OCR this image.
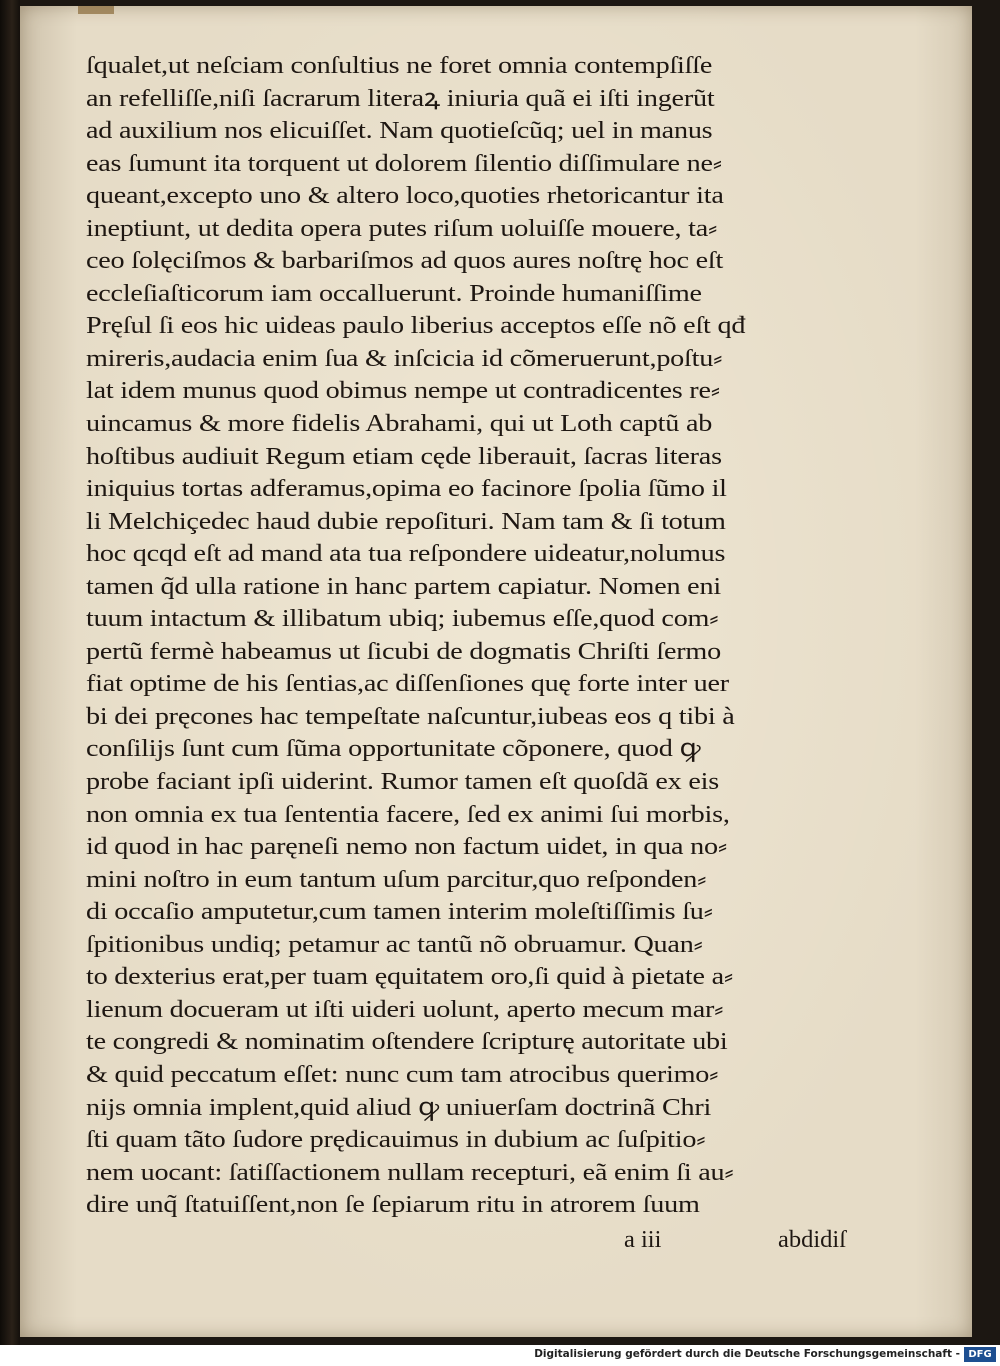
ſqualet,ut neſciam conſultius ne foret omnia contempſiſſe
an refelliſſe,niſi ſacrarum literaꝝ iniuria quã ei iſti ingerũt
ad auxilium nos elicuiſſet. Nam quotieſcũq; uel in manus
eas ſumunt ita torquent ut dolorem ſilentio diſſimulare ne⸗
queant,excepto uno & altero loco,quoties rhetoricantur ita
ineptiunt, ut dedita opera putes riſum uoluiſſe mouere, ta⸗
ceo ſolęciſmos & barbariſmos ad quos aures noſtrę hoc eſt
eccleſiaſticorum iam occalluerunt. Proinde humaniſſime
Pręſul ſi eos hic uideas paulo liberius acceptos eſſe nõ eſt qđ
mireris,audacia enim ſua & inſcicia id cõmeruerunt,poſtu⸗
lat idem munus quod obimus nempe ut contradicentes re⸗
uincamus & more fidelis Abrahami, qui ut Loth captũ ab
hoſtibus audiuit Regum etiam cęde liberauit, ſacras literas
iniquius tortas adferamus,opima eo facinore ſpolia ſũmo il
li Melchiçedec haud dubie repoſituri. Nam tam & ſi totum
hoc qcqd eſt ad mand ata tua reſpondere uideatur,nolumus
tamen q̃d ulla ratione in hanc partem capiatur. Nomen eni
tuum intactum & illibatum ubiq; iubemus eſſe,quod com⸗
pertũ fermè habeamus ut ſicubi de dogmatis Chriſti ſermo
fiat optime de his ſentias,ac diſſenſiones quę forte inter uer
bi dei pręcones hac tempeſtate naſcuntur,iubeas eos q tibi à
conſilijs ſunt cum ſũma opportunitate cõponere, quod ꝙ
probe faciant ipſi uiderint. Rumor tamen eſt quoſdã ex eis
non omnia ex tua ſententia facere, ſed ex animi ſui morbis,
id quod in hac paręneſi nemo non factum uidet, in qua no⸗
mini noſtro in eum tantum uſum parcitur,quo reſponden⸗
di occaſio amputetur,cum tamen interim moleſtiſſimis ſu⸗
ſpitionibus undiq; petamur ac tantũ nõ obruamur. Quan⸗
to dexterius erat,per tuam ęquitatem oro,ſi quid à pietate a⸗
lienum docueram ut iſti uideri uolunt, aperto mecum mar⸗
te congredi & nominatim oſtendere ſcripturę autoritate ubi
& quid peccatum eſſet: nunc cum tam atrocibus querimo⸗
nijs omnia implent,quid aliud ꝙ uniuerſam doctrinã Chri
ſti quam tãto ſudore prędicauimus in dubium ac ſuſpitio⸗
nem uocant: ſatiſſactionem nullam recepturi, eã enim ſi au⸗
dire unq̃ ſtatuiſſent,non ſe ſepiarum ritu in atrorem ſuum
a iii	abdidiſ
Digitalisierung gefördert durch die Deutsche Forschungsgemeinschaft - DFG
